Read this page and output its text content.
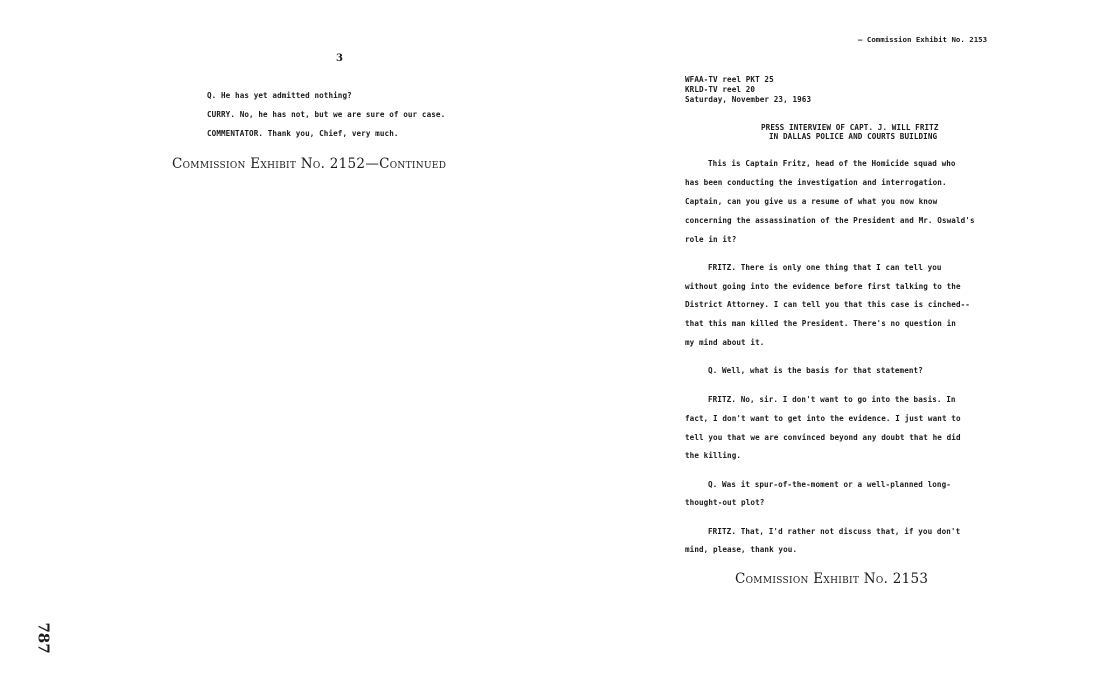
3
Q. He has yet admitted nothing?
CURRY. No, he has not, but we are sure of our case.
COMMENTATOR. Thank you, Chief, very much.
Commission Exhibit No. 2152—Continued
787
— Commission Exhibit No. 2153
WFAA-TV reel PKT 25
KRLD-TV reel 20
Saturday, November 23, 1963
PRESS INTERVIEW OF CAPT. J. WILL FRITZ
IN DALLAS POLICE AND COURTS BUILDING
This is Captain Fritz, head of the Homicide squad who
has been conducting the investigation and interrogation.
Captain, can you give us a resume of what you now know
concerning the assassination of the President and Mr. Oswald's
role in it?
FRITZ. There is only one thing that I can tell you
without going into the evidence before first talking to the
District Attorney. I can tell you that this case is cinched--
that this man killed the President. There's no question in
my mind about it.
Q. Well, what is the basis for that statement?
FRITZ. No, sir. I don't want to go into the basis. In
fact, I don't want to get into the evidence. I just want to
tell you that we are convinced beyond any doubt that he did
the killing.
Q. Was it spur-of-the-moment or a well-planned long-
thought-out plot?
FRITZ. That, I'd rather not discuss that, if you don't
mind, please, thank you.
Commission Exhibit No. 2153
